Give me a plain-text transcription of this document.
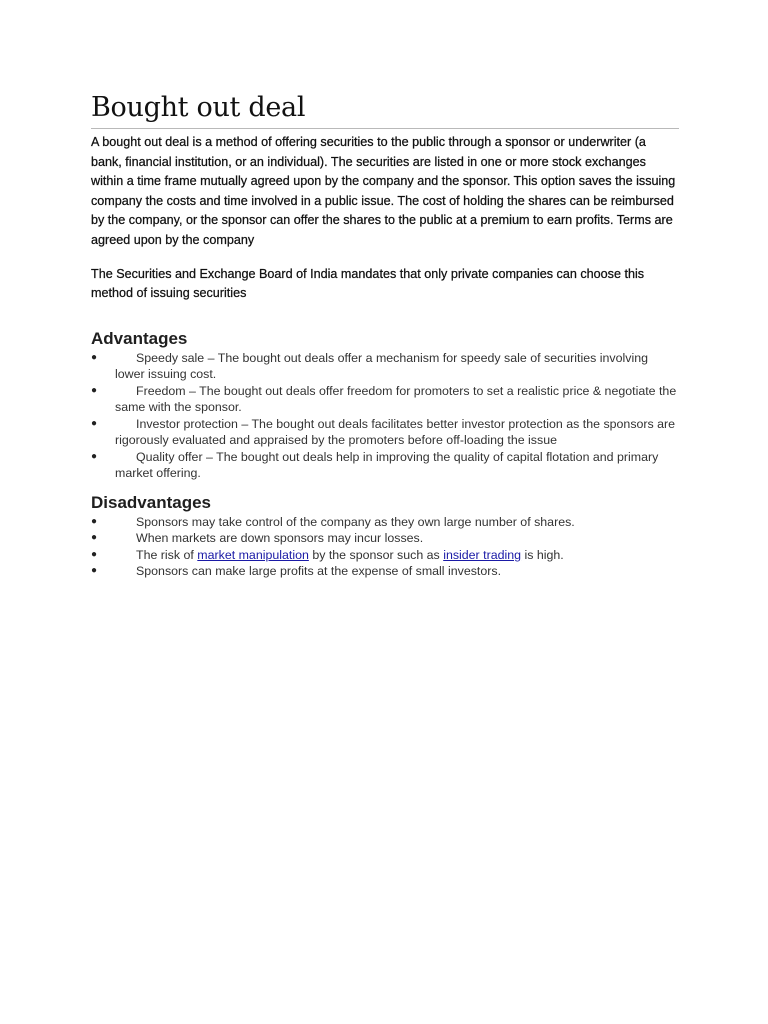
Bought out deal

A bought out deal is a method of offering securities to the public through a sponsor or underwriter (a bank, financial institution, or an individual). The securities are listed in one or more stock exchanges within a time frame mutually agreed upon by the company and the sponsor. This option saves the issuing company the costs and time involved in a public issue. The cost of holding the shares can be reimbursed by the company, or the sponsor can offer the shares to the public at a premium to earn profits. Terms are agreed upon by the company

The Securities and Exchange Board of India mandates that only private companies can choose this method of issuing securities

Advantages
●	Speedy sale – The bought out deals offer a mechanism for speedy sale of securities involving lower issuing cost.
●	Freedom – The bought out deals offer freedom for promoters to set a realistic price & negotiate the same with the sponsor.
●	Investor protection – The bought out deals facilitates better investor protection as the sponsors are rigorously evaluated and appraised by the promoters before off-loading the issue
●	Quality offer – The bought out deals help in improving the quality of capital flotation and primary market offering.
Disadvantages
●	Sponsors may take control of the company as they own large number of shares.
●	When markets are down sponsors may incur losses.
●	The risk of market manipulation by the sponsor such as insider trading is high.
●	Sponsors can make large profits at the expense of small investors.
